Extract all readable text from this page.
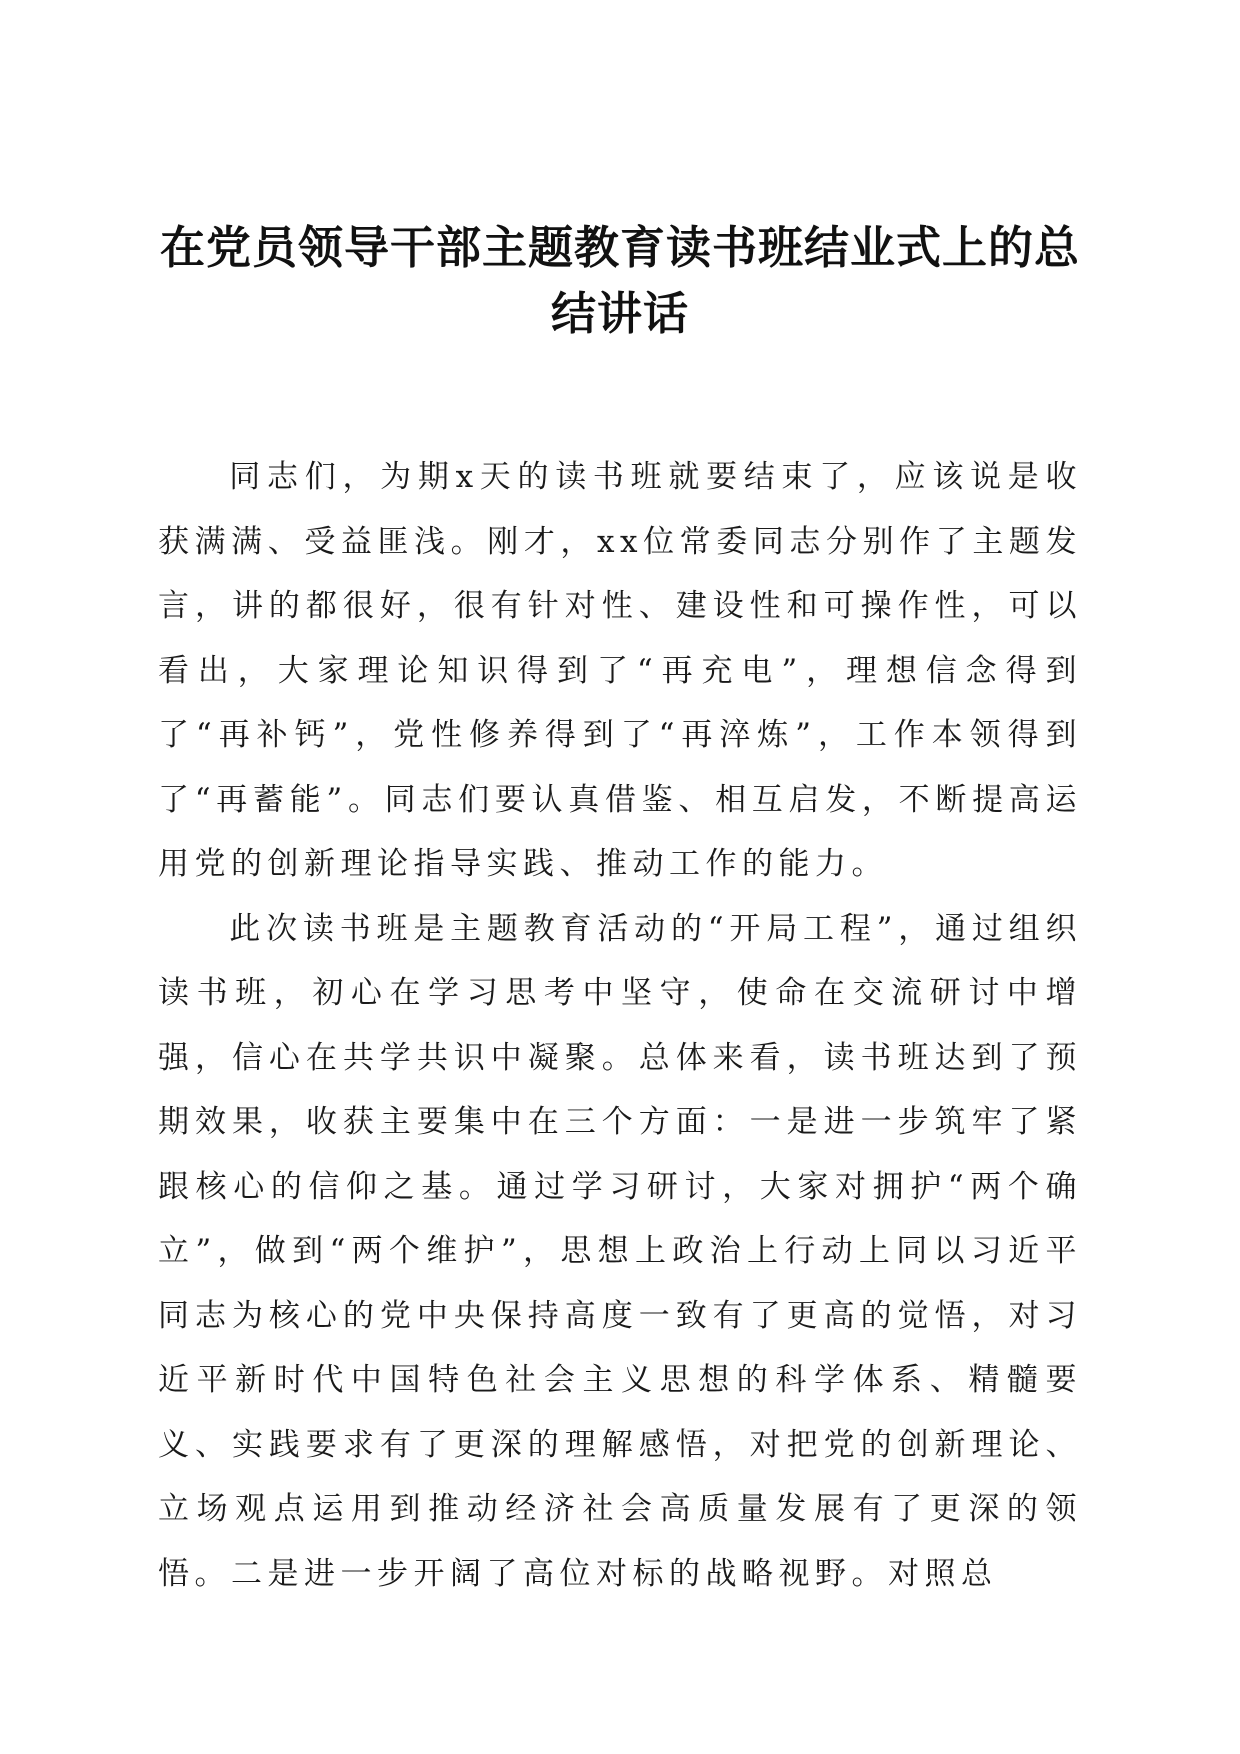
在党员领导干部主题教育读书班结业式上的总结讲话

同志们，为期x天的读书班就要结束了，应该说是收获满满、受益匪浅。刚才，xx位常委同志分别作了主题发言，讲的都很好，很有针对性、建设性和可操作性，可以看出，大家理论知识得到了“再充电”，理想信念得到了“再补钙”，党性修养得到了“再淬炼”，工作本领得到了“再蓄能”。同志们要认真借鉴、相互启发，不断提高运用党的创新理论指导实践、推动工作的能力。

此次读书班是主题教育活动的“开局工程”，通过组织读书班，初心在学习思考中坚守，使命在交流研讨中增强，信心在共学共识中凝聚。总体来看，读书班达到了预期效果，收获主要集中在三个方面：一是进一步筑牢了紧跟核心的信仰之基。通过学习研讨，大家对拥护“两个确立”，做到“两个维护”，思想上政治上行动上同以习近平同志为核心的党中央保持高度一致有了更高的觉悟，对习近平新时代中国特色社会主义思想的科学体系、精髓要义、实践要求有了更深的理解感悟，对把党的创新理论、立场观点运用到推动经济社会高质量发展有了更深的领悟。二是进一步开阔了高位对标的战略视野。对照总
